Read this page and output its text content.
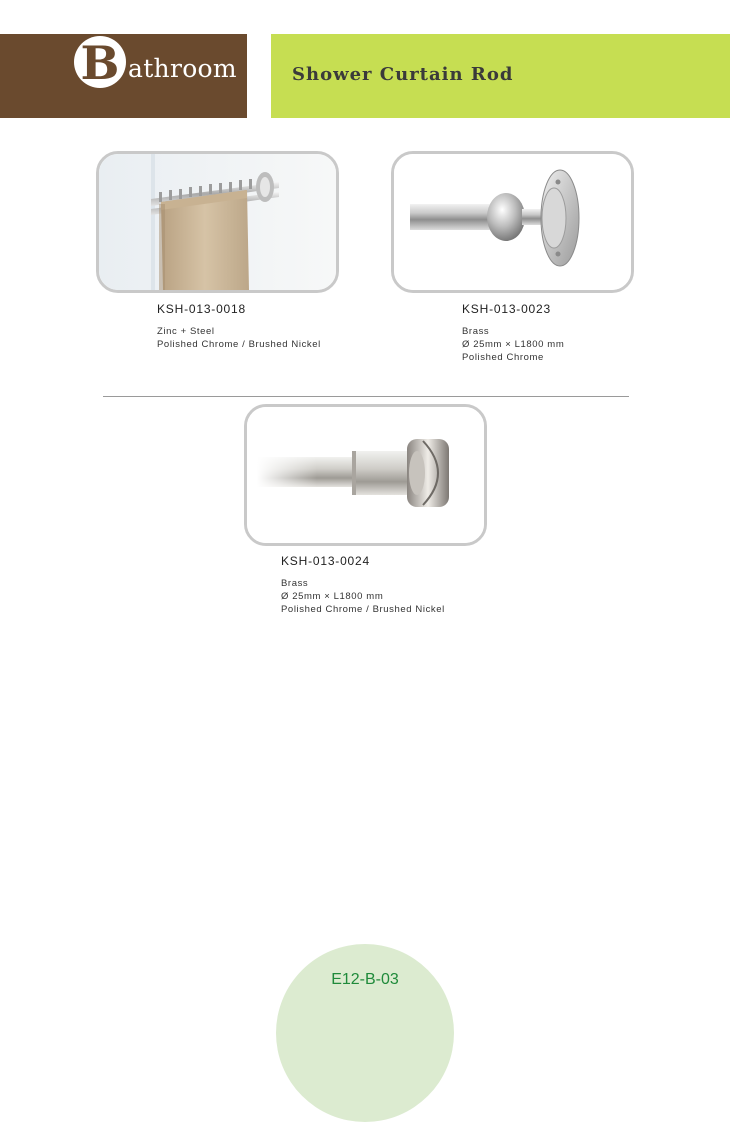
B athroom	Shower Curtain Rod
KSH-013-0018
Zinc + Steel
Polished Chrome / Brushed Nickel
KSH-013-0023
Brass
Ø 25mm × L1800 mm
Polished Chrome
KSH-013-0024
Brass
Ø 25mm × L1800 mm
Polished Chrome / Brushed Nickel
E12-B-03
